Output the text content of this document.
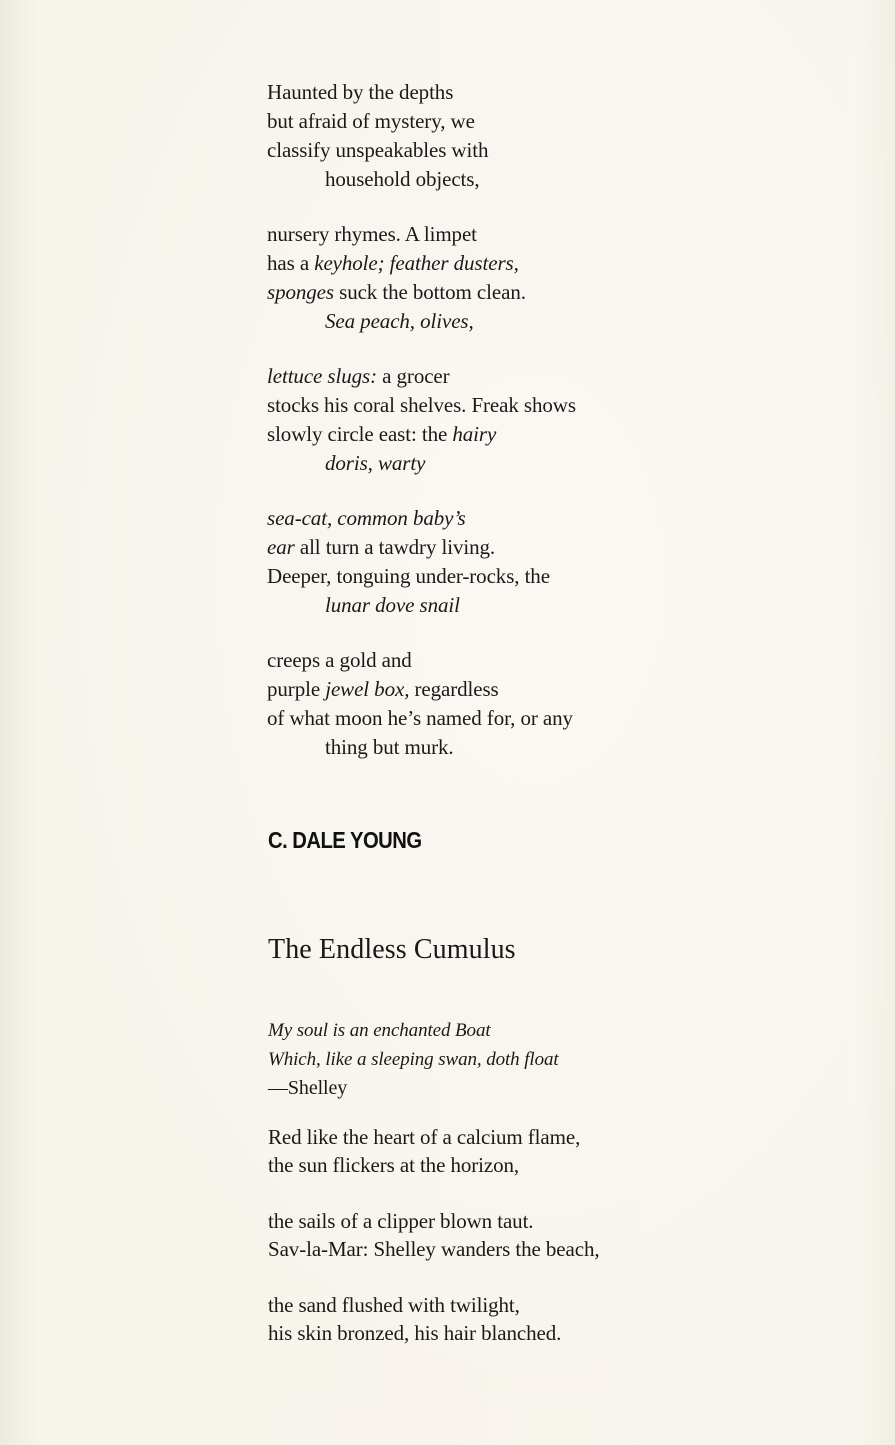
Haunted by the depths
but afraid of mystery, we
classify unspeakables with
household objects,
nursery rhymes. A limpet
has a keyhole; feather dusters,
sponges suck the bottom clean.
Sea peach, olives,
lettuce slugs: a grocer
stocks his coral shelves. Freak shows
slowly circle east: the hairy
doris, warty
sea-cat, common baby’s
ear all turn a tawdry living.
Deeper, tonguing under-rocks, the
lunar dove snail
creeps a gold and
purple jewel box, regardless
of what moon he’s named for, or any
thing but murk.
C. DALE YOUNG
The Endless Cumulus
My soul is an enchanted Boat
Which, like a sleeping swan, doth float
—Shelley
Red like the heart of a calcium flame,
the sun flickers at the horizon,
the sails of a clipper blown taut.
Sav-la-Mar: Shelley wanders the beach,
the sand flushed with twilight,
his skin bronzed, his hair blanched.
